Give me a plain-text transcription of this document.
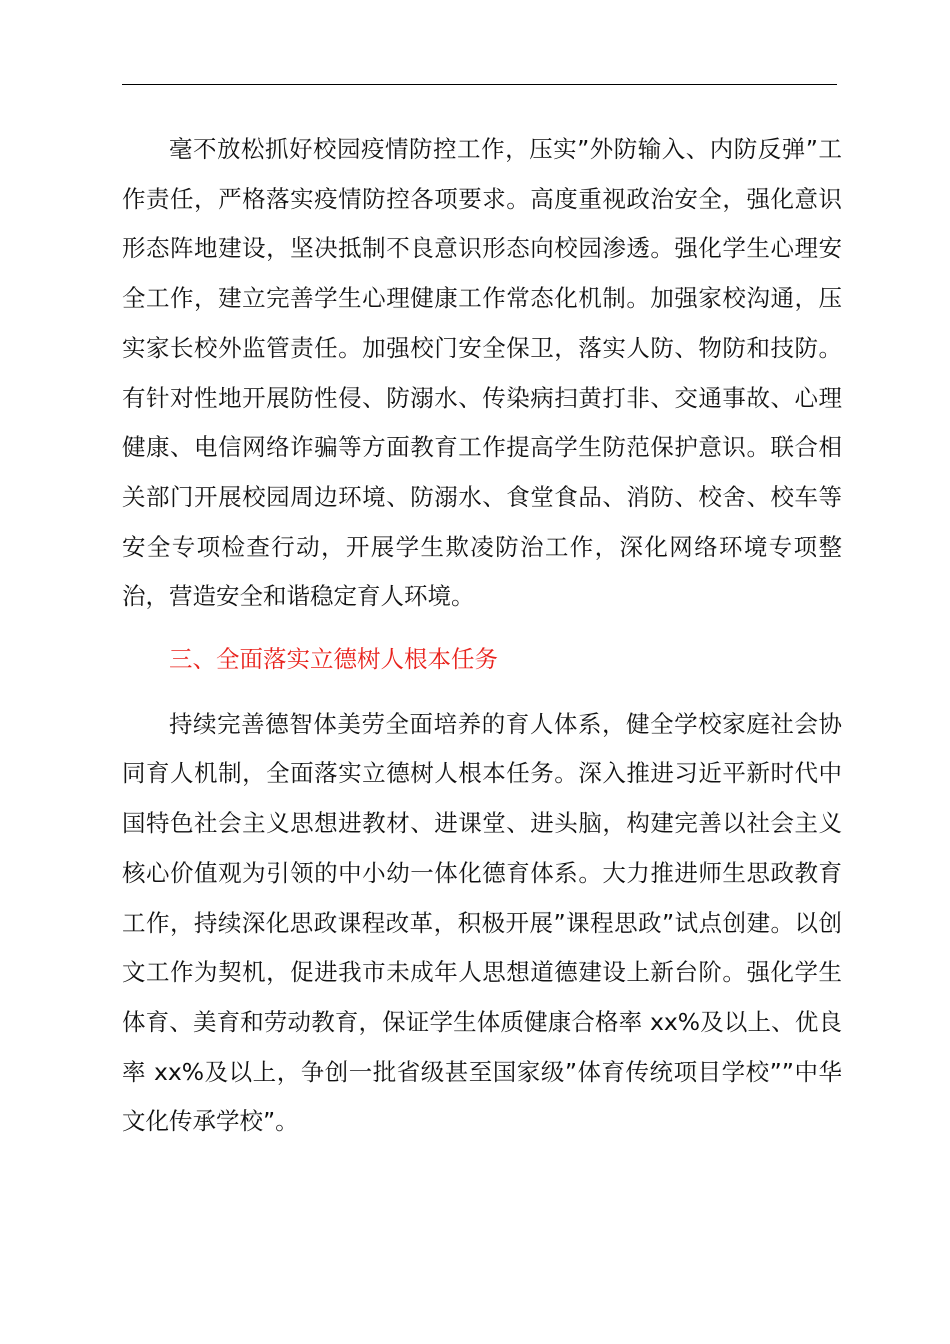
毫不放松抓好校园疫情防控工作，压实”外防输入、内防反弹”工作责任，严格落实疫情防控各项要求。高度重视政治安全，强化意识形态阵地建设，坚决抵制不良意识形态向校园渗透。强化学生心理安全工作，建立完善学生心理健康工作常态化机制。加强家校沟通，压实家长校外监管责任。加强校门安全保卫，落实人防、物防和技防。有针对性地开展防性侵、防溺水、传染病扫黄打非、交通事故、心理健康、电信网络诈骗等方面教育工作提高学生防范保护意识。联合相关部门开展校园周边环境、防溺水、食堂食品、消防、校舍、校车等安全专项检查行动，开展学生欺凌防治工作，深化网络环境专项整治，营造安全和谐稳定育人环境。

三、全面落实立德树人根本任务

持续完善德智体美劳全面培养的育人体系，健全学校家庭社会协同育人机制，全面落实立德树人根本任务。深入推进习近平新时代中国特色社会主义思想进教材、进课堂、进头脑，构建完善以社会主义核心价值观为引领的中小幼一体化德育体系。大力推进师生思政教育工作，持续深化思政课程改革，积极开展”课程思政”试点创建。以创文工作为契机，促进我市未成年人思想道德建设上新台阶。强化学生体育、美育和劳动教育，保证学生体质健康合格率 xx%及以上、优良率 xx%及以上，争创一批省级甚至国家级”体育传统项目学校””中华文化传承学校”。
